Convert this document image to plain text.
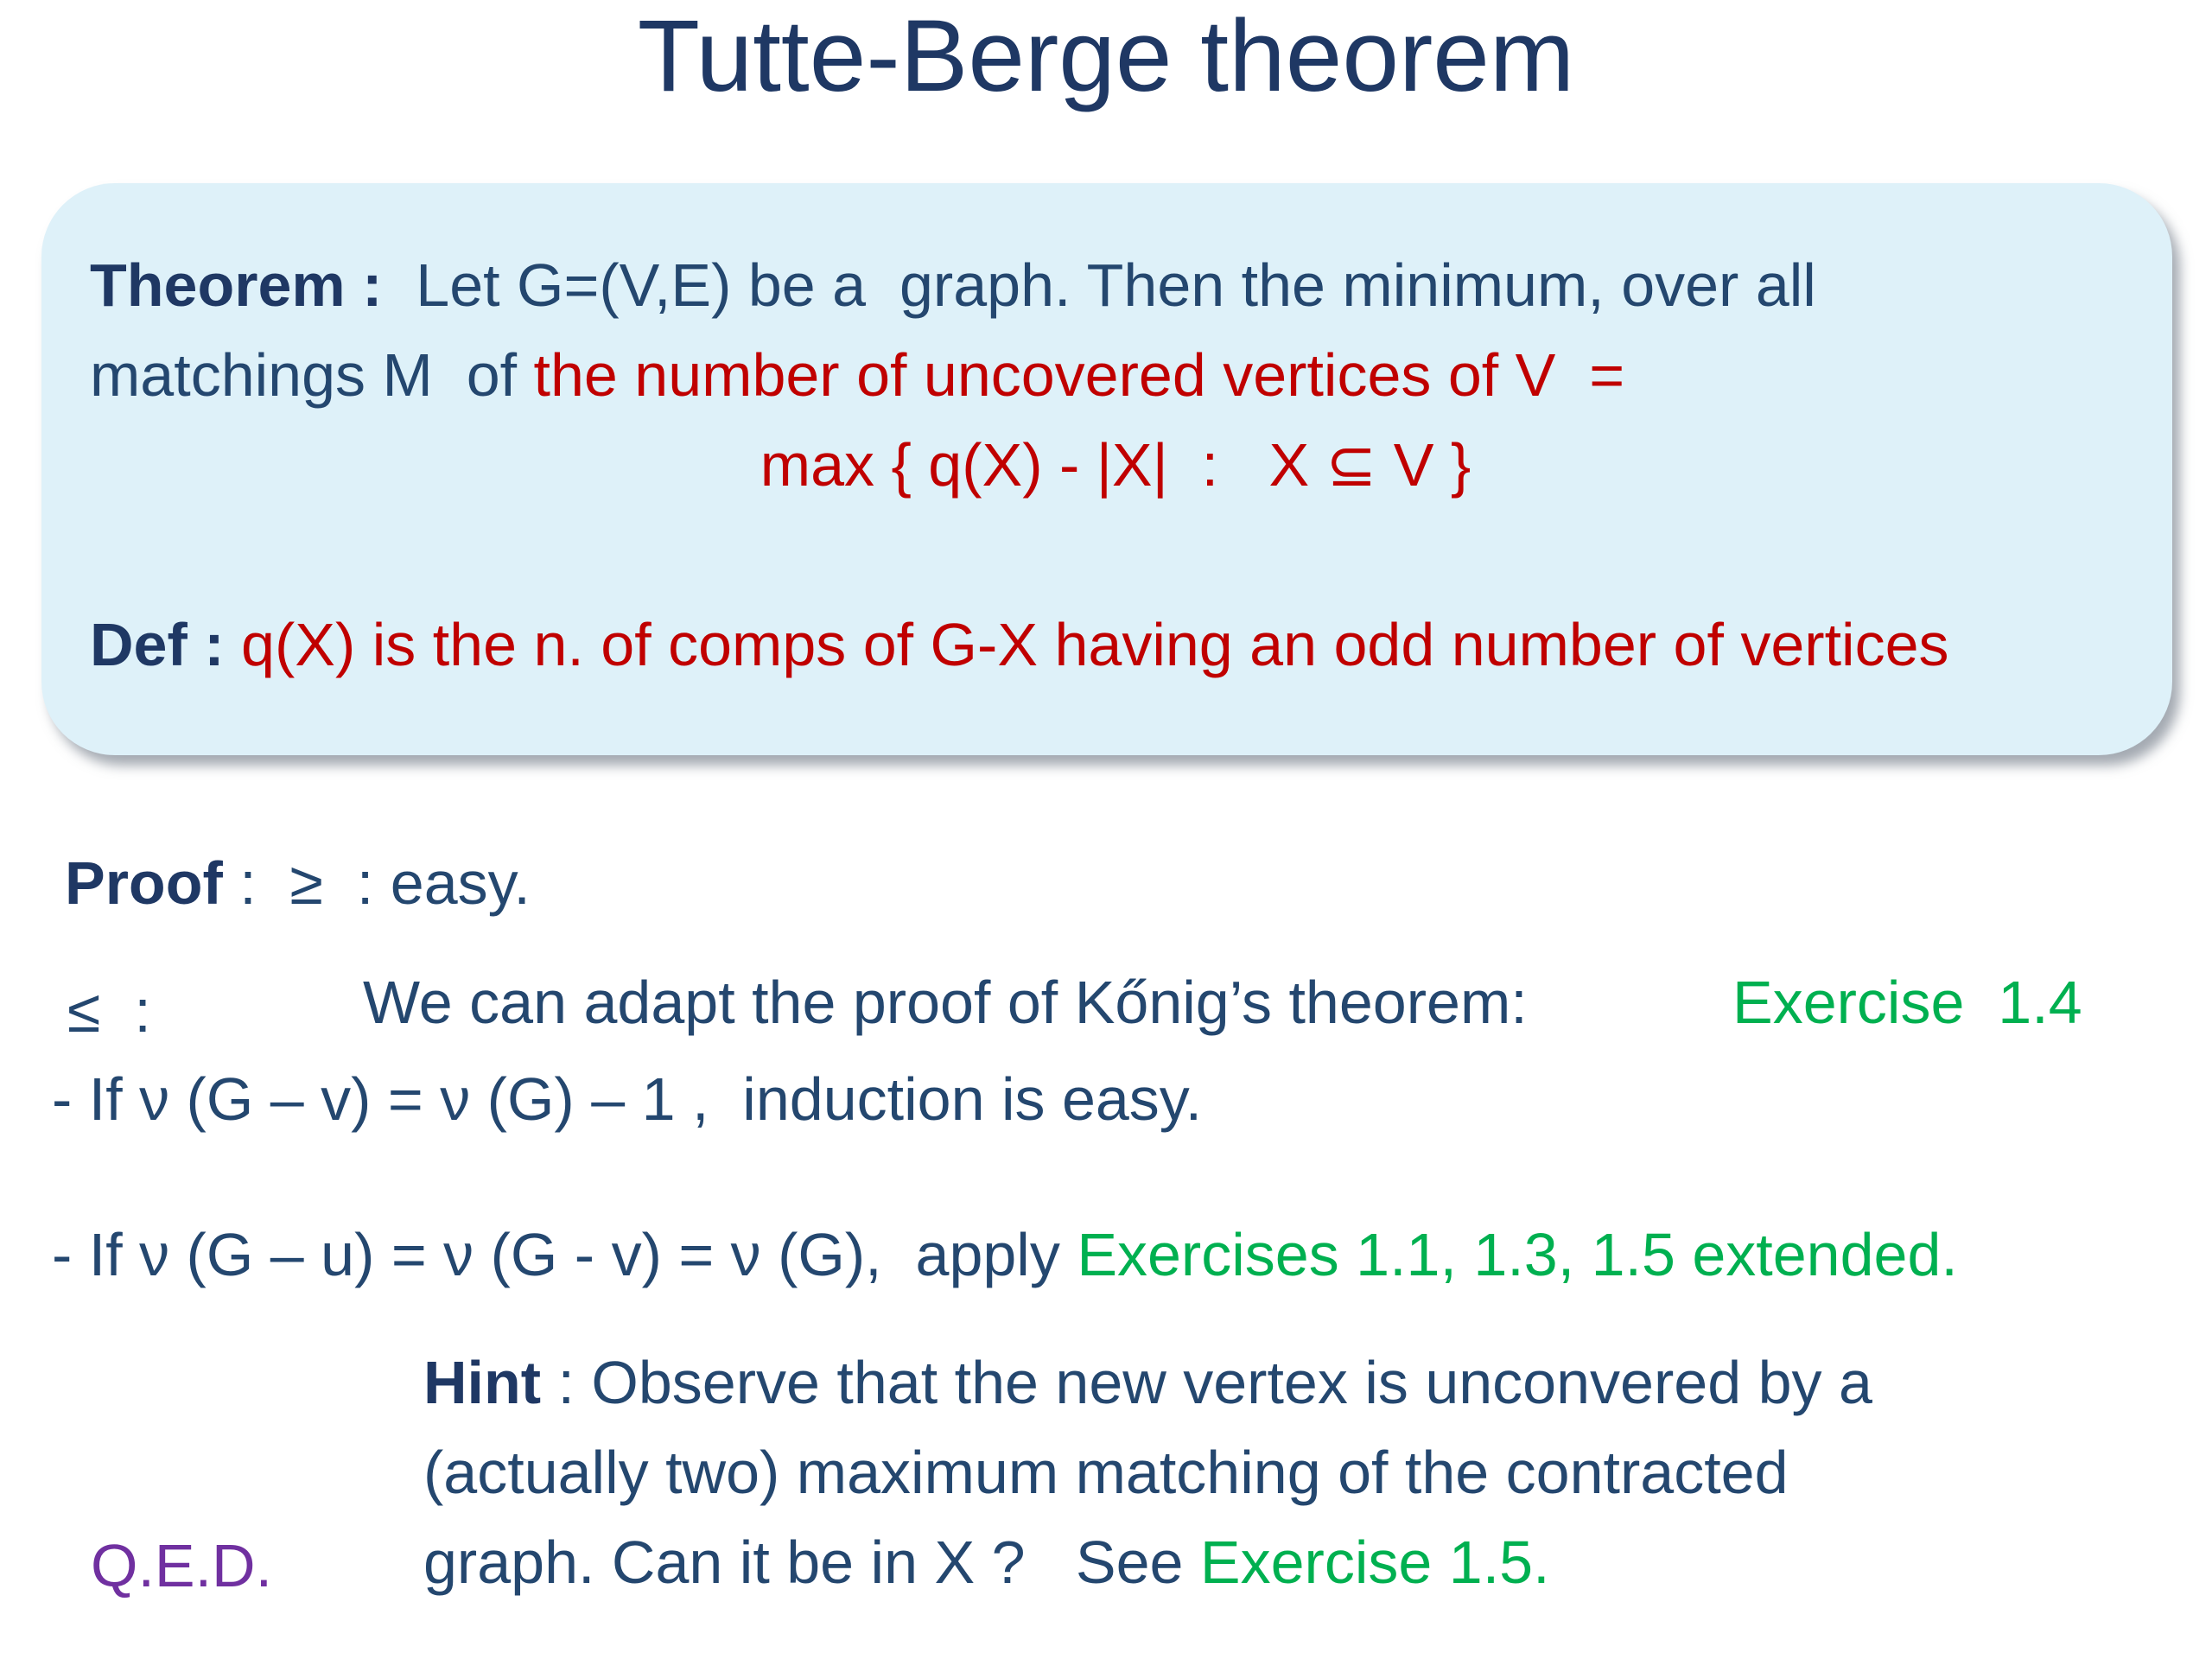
Tutte-Berge theorem
Theorem :  Let G=(V,E) be a  graph. Then the minimum, over all
matchings M  of the number of uncovered vertices of V  =
max { q(X) - |X|  :   X ⊆ V }
Def : q(X) is the n. of comps of G-X having an odd number of vertices
Proof :  ≥  : easy.
≤  :	We can adapt the proof of Kőnig’s theorem:	Exercise  1.4
- If ν (G – v) = ν (G) – 1 ,  induction is easy.
- If ν (G – u) = ν (G - v) = ν (G),  apply Exercises 1.1, 1.3, 1.5 extended.
Hint : Observe that the new vertex is unconvered by a
(actually two) maximum matching of the contracted
graph. Can it be in X ?   See Exercise 1.5.
Q.E.D.
